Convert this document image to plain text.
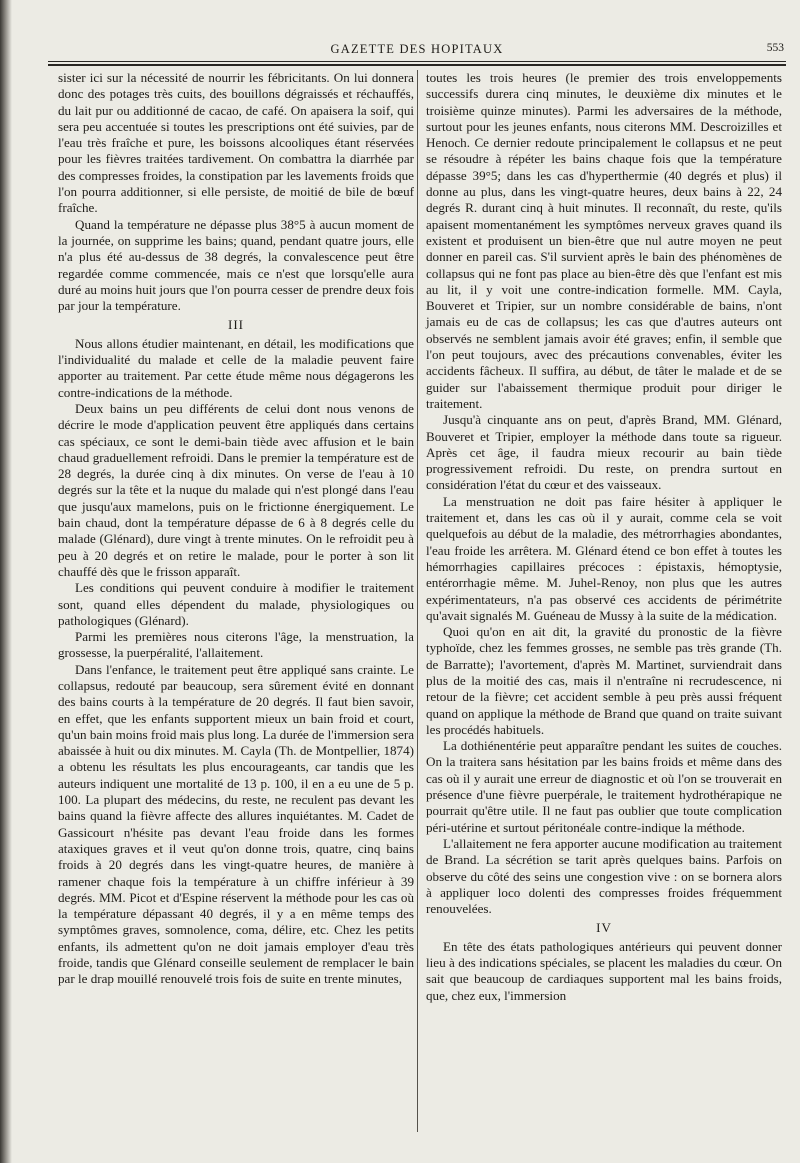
GAZETTE DES HOPITAUX	553

sister ici sur la nécessité de nourrir les fébricitants. On lui donnera donc des potages très cuits, des bouillons dégraissés et réchauffés, du lait pur ou additionné de cacao, de café. On apaisera la soif, qui sera peu accentuée si toutes les prescriptions ont été suivies, par de l'eau très fraîche et pure, les boissons alcooliques étant réservées pour les fièvres traitées tardivement. On combattra la diarrhée par des compresses froides, la constipation par les lavements froids que l'on pourra additionner, si elle persiste, de moitié de bile de bœuf fraîche.

Quand la température ne dépasse plus 38°5 à aucun moment de la journée, on supprime les bains; quand, pendant quatre jours, elle n'a plus été au-dessus de 38 degrés, la convalescence peut être regardée comme commencée, mais ce n'est que lorsqu'elle aura duré au moins huit jours que l'on pourra cesser de prendre deux fois par jour la température.

III

Nous allons étudier maintenant, en détail, les modifications que l'individualité du malade et celle de la maladie peuvent faire apporter au traitement. Par cette étude même nous dégagerons les contre-indications de la méthode.

Deux bains un peu différents de celui dont nous venons de décrire le mode d'application peuvent être appliqués dans certains cas spéciaux, ce sont le demi-bain tiède avec affusion et le bain chaud graduellement refroidi. Dans le premier la température est de 28 degrés, la durée cinq à dix minutes. On verse de l'eau à 10 degrés sur la tête et la nuque du malade qui n'est plongé dans l'eau que jusqu'aux mamelons, puis on le frictionne énergiquement. Le bain chaud, dont la température dépasse de 6 à 8 degrés celle du malade (Glénard), dure vingt à trente minutes. On le refroidit peu à peu à 20 degrés et on retire le malade, pour le porter à son lit chauffé dès que le frisson apparaît.

Les conditions qui peuvent conduire à modifier le traitement sont, quand elles dépendent du malade, physiologiques ou pathologiques (Glénard).

Parmi les premières nous citerons l'âge, la menstruation, la grossesse, la puerpéralité, l'allaitement.

Dans l'enfance, le traitement peut être appliqué sans crainte. Le collapsus, redouté par beaucoup, sera sûrement évité en donnant des bains courts à la température de 20 degrés. Il faut bien savoir, en effet, que les enfants supportent mieux un bain froid et court, qu'un bain moins froid mais plus long. La durée de l'immersion sera abaissée à huit ou dix minutes. M. Cayla (Th. de Montpellier, 1874) a obtenu les résultats les plus encourageants, car tandis que les auteurs indiquent une mortalité de 13 p. 100, il en a eu une de 5 p. 100. La plupart des médecins, du reste, ne reculent pas devant les bains quand la fièvre affecte des allures inquiétantes. M. Cadet de Gassicourt n'hésite pas devant l'eau froide dans les formes ataxiques graves et il veut qu'on donne trois, quatre, cinq bains froids à 20 degrés dans les vingt-quatre heures, de manière à ramener chaque fois la température à un chiffre inférieur à 39 degrés. MM. Picot et d'Espine réservent la méthode pour les cas où la température dépassant 40 degrés, il y a en même temps des symptômes graves, somnolence, coma, délire, etc. Chez les petits enfants, ils admettent qu'on ne doit jamais employer d'eau très froide, tandis que Glénard conseille seulement de remplacer le bain par le drap mouillé renouvelé trois fois de suite en trente minutes,

toutes les trois heures (le premier des trois enveloppements successifs durera cinq minutes, le deuxième dix minutes et le troisième quinze minutes). Parmi les adversaires de la méthode, surtout pour les jeunes enfants, nous citerons MM. Descroizilles et Henoch. Ce dernier redoute principalement le collapsus et ne peut se résoudre à répéter les bains chaque fois que la température dépasse 39°5; dans les cas d'hyperthermie (40 degrés et plus) il donne au plus, dans les vingt-quatre heures, deux bains à 22, 24 degrés R. durant cinq à huit minutes. Il reconnaît, du reste, qu'ils apaisent momentanément les symptômes nerveux graves quand ils existent et produisent un bien-être que nul autre moyen ne peut donner en pareil cas. S'il survient après le bain des phénomènes de collapsus qui ne font pas place au bien-être dès que l'enfant est mis au lit, il y voit une contre-indication formelle. MM. Cayla, Bouveret et Tripier, sur un nombre considérable de bains, n'ont jamais eu de cas de collapsus; les cas que d'autres auteurs ont observés ne semblent jamais avoir été graves; enfin, il semble que l'on peut toujours, avec des précautions convenables, éviter les accidents fâcheux. Il suffira, au début, de tâter le malade et de se guider sur l'abaissement thermique produit pour diriger le traitement.

Jusqu'à cinquante ans on peut, d'après Brand, MM. Glénard, Bouveret et Tripier, employer la méthode dans toute sa rigueur. Après cet âge, il faudra mieux recourir au bain tiède progressivement refroidi. Du reste, on prendra surtout en considération l'état du cœur et des vaisseaux.

La menstruation ne doit pas faire hésiter à appliquer le traitement et, dans les cas où il y aurait, comme cela se voit quelquefois au début de la maladie, des métrorrhagies abondantes, l'eau froide les arrêtera. M. Glénard étend ce bon effet à toutes les hémorrhagies capillaires précoces : épistaxis, hémoptysie, entérorrhagie même. M. Juhel-Renoy, non plus que les autres expérimentateurs, n'a pas observé ces accidents de périmétrite qu'avait signalés M. Guéneau de Mussy à la suite de la médication.

Quoi qu'on en ait dit, la gravité du pronostic de la fièvre typhoïde, chez les femmes grosses, ne semble pas très grande (Th. de Barratte); l'avortement, d'après M. Martinet, surviendrait dans plus de la moitié des cas, mais il n'entraîne ni recrudescence, ni retour de la fièvre; cet accident semble à peu près aussi fréquent quand on applique la méthode de Brand que quand on traite suivant les procédés habituels.

La dothiénentérie peut apparaître pendant les suites de couches. On la traitera sans hésitation par les bains froids et même dans des cas où il y aurait une erreur de diagnostic et où l'on se trouverait en présence d'une fièvre puerpérale, le traitement hydrothérapique ne pourrait qu'être utile. Il ne faut pas oublier que toute complication péri-utérine et surtout péritonéale contre-indique la méthode.

L'allaitement ne fera apporter aucune modification au traitement de Brand. La sécrétion se tarit après quelques bains. Parfois on observe du côté des seins une congestion vive : on se bornera alors à appliquer loco dolenti des compresses froides fréquemment renouvelées.

IV

En tête des états pathologiques antérieurs qui peuvent donner lieu à des indications spéciales, se placent les maladies du cœur. On sait que beaucoup de cardiaques supportent mal les bains froids, que, chez eux, l'immersion
